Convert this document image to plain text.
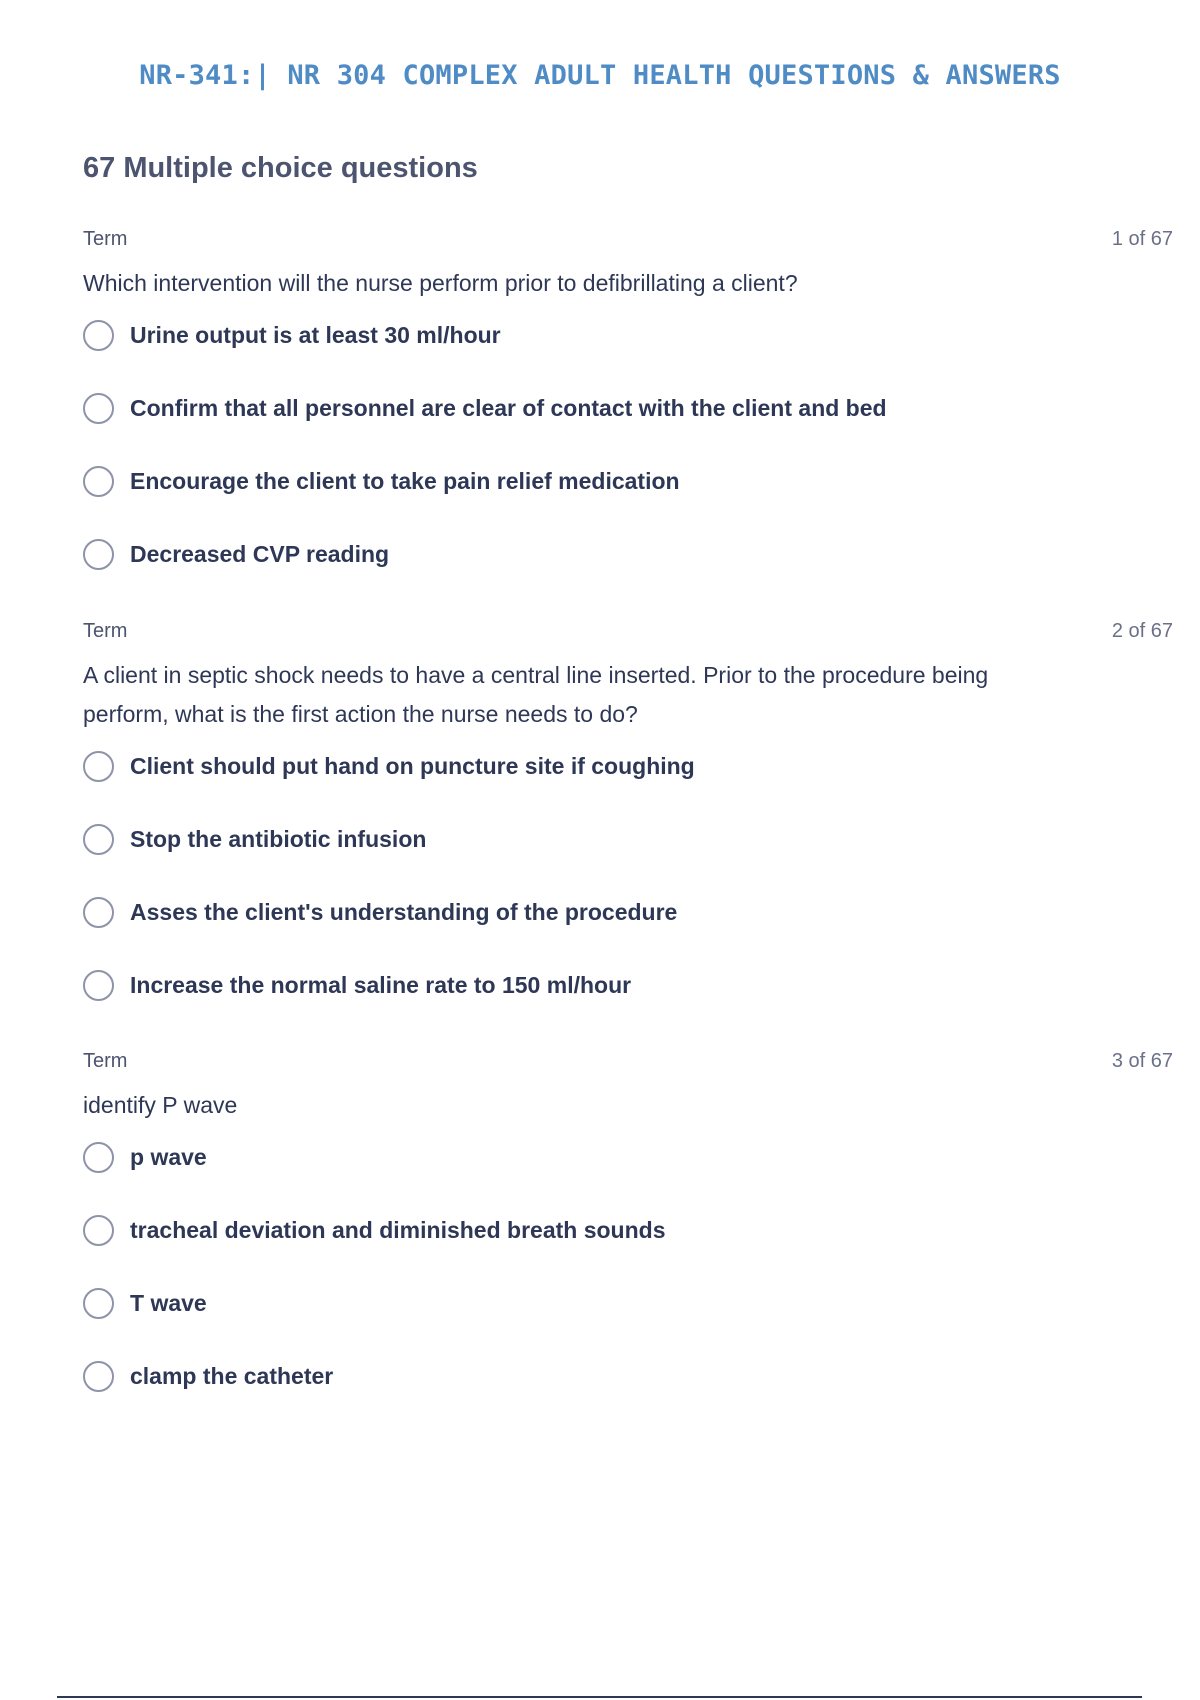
NR-341:| NR 304 COMPLEX ADULT HEALTH QUESTIONS & ANSWERS
67 Multiple choice questions
Term	1 of 67
Which intervention will the nurse perform prior to defibrillating a client?
Urine output is at least 30 ml/hour
Confirm that all personnel are clear of contact with the client and bed
Encourage the client to take pain relief medication
Decreased CVP reading
Term	2 of 67
A client in septic shock needs to have a central line inserted. Prior to the procedure being perform, what is the first action the nurse needs to do?
Client should put hand on puncture site if coughing
Stop the antibiotic infusion
Asses the client's understanding of the procedure
Increase the normal saline rate to 150 ml/hour
Term	3 of 67
identify P wave
p wave
tracheal deviation and diminished breath sounds
T wave
clamp the catheter
